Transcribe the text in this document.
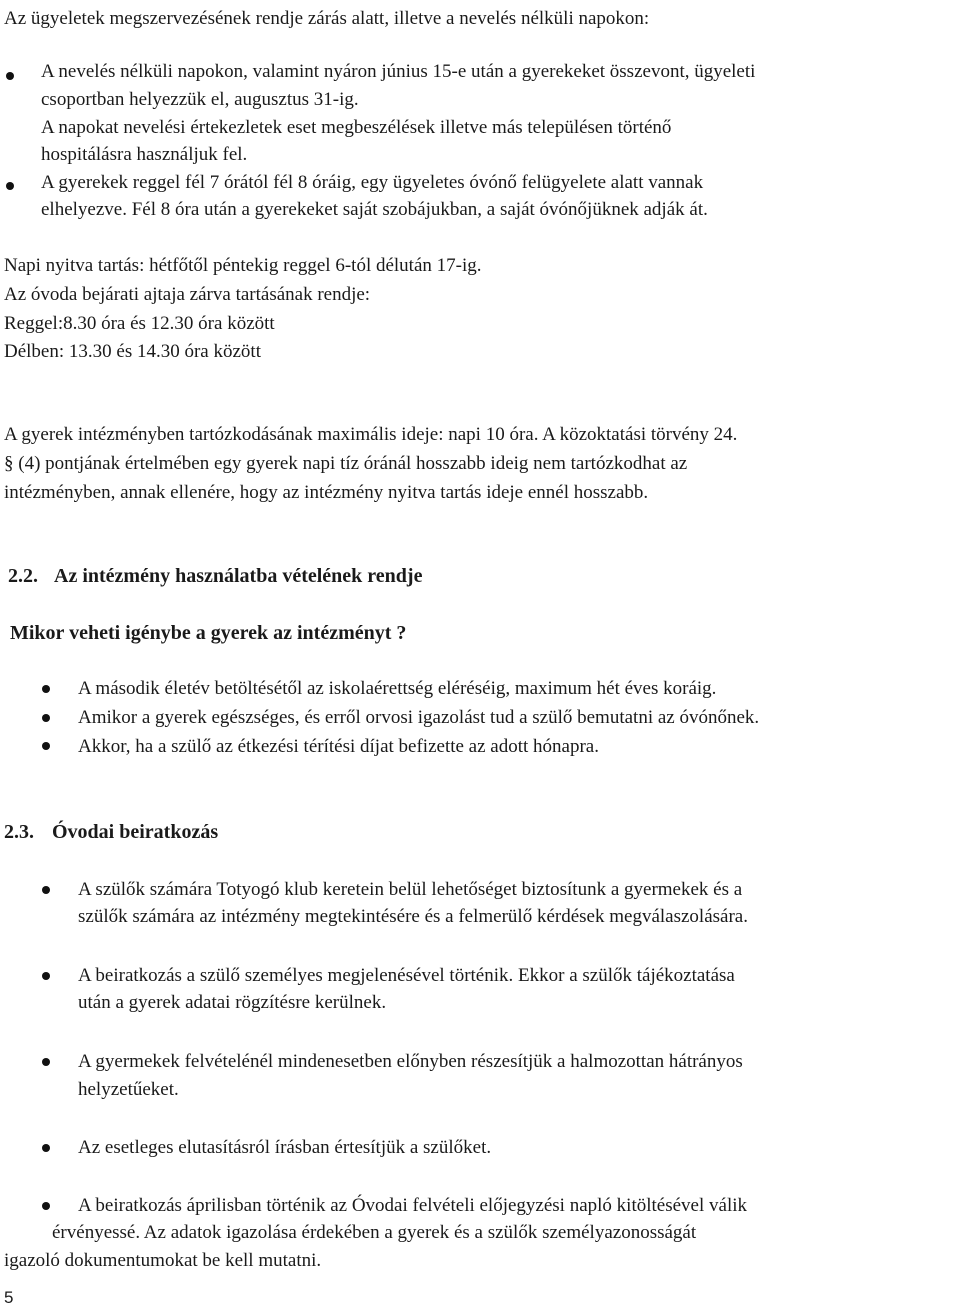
Az ügyeletek megszervezésének rendje zárás alatt, illetve a nevelés nélküli napokon:
A nevelés nélküli napokon, valamint nyáron június 15-e után a gyerekeket összevont, ügyeleti
csoportban helyezzük el, augusztus 31-ig.
A napokat nevelési értekezletek eset megbeszélések illetve más településen történő
hospitálásra használjuk fel.
A gyerekek reggel fél 7 órától fél 8 óráig, egy ügyeletes óvónő felügyelete alatt vannak
elhelyezve. Fél 8 óra után a gyerekeket saját szobájukban, a saját óvónőjüknek adják át.
Napi nyitva tartás: hétfőtől péntekig reggel 6-tól délután 17-ig.
Az óvoda bejárati ajtaja zárva tartásának rendje:
Reggel:8.30 óra és 12.30 óra között
Délben: 13.30 és 14.30 óra között
A gyerek intézményben tartózkodásának maximális ideje: napi 10 óra. A közoktatási törvény 24.
§ (4) pontjának értelmében egy gyerek napi tíz óránál hosszabb ideig nem tartózkodhat az
intézményben, annak ellenére, hogy az intézmény nyitva tartás ideje ennél hosszabb.
2.2. Az intézmény használatba vételének rendje
Mikor veheti igénybe a gyerek az intézményt ?
A második életév betöltésétől az iskolaérettség eléréséig, maximum hét éves koráig.
Amikor a gyerek egészséges, és erről orvosi igazolást tud a szülő bemutatni az óvónőnek.
Akkor, ha a szülő az étkezési térítési díjat befizette az adott hónapra.
2.3. Óvodai beiratkozás
A szülők számára Totyogó klub keretein belül lehetőséget biztosítunk a gyermekek és a
szülők számára az intézmény megtekintésére és a felmerülő kérdések megválaszolására.
A beiratkozás a szülő személyes megjelenésével történik. Ekkor a szülők tájékoztatása
után a gyerek adatai rögzítésre kerülnek.
A gyermekek felvételénél mindenesetben előnyben részesítjük a halmozottan hátrányos
helyzetűeket.
Az esetleges elutasításról írásban értesítjük a szülőket.
A beiratkozás áprilisban történik az Óvodai felvételi előjegyzési napló kitöltésével válik
érvényessé. Az adatok igazolása érdekében a gyerek és a szülők személyazonosságát
igazoló dokumentumokat be kell mutatni.
5
